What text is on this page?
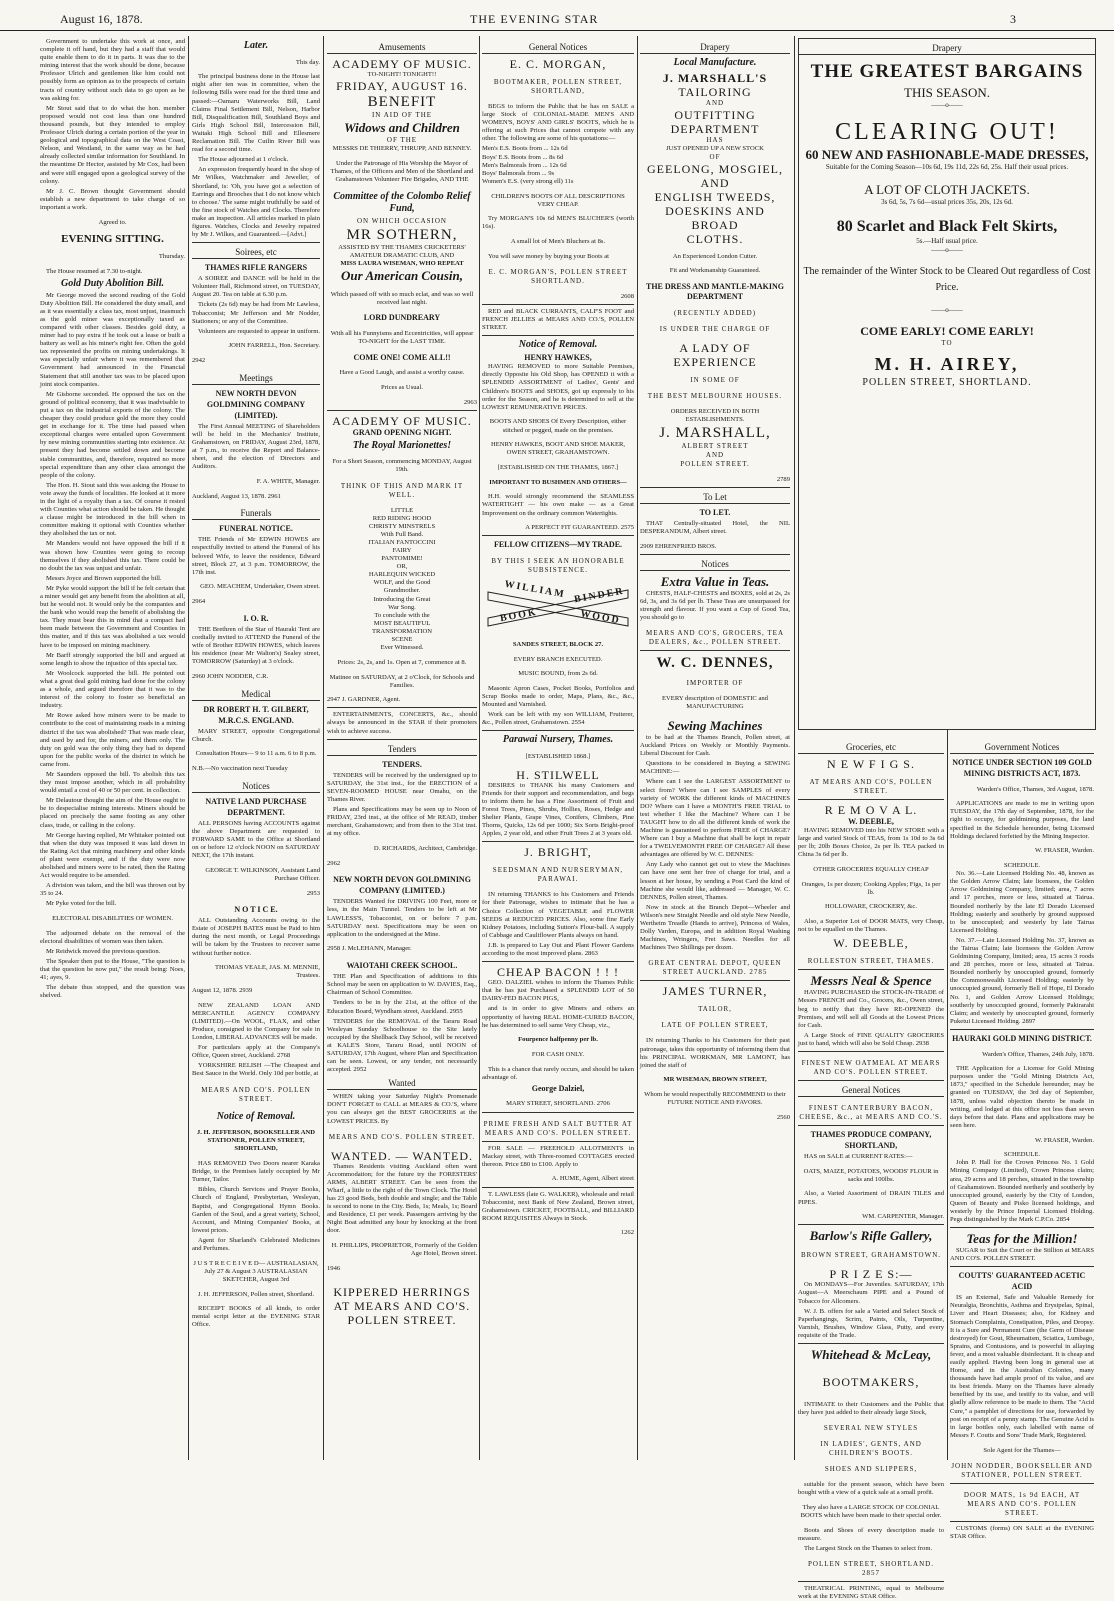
August 16, 1878.	THE EVENING STAR	3

Government to undertake this work at once, and complete it off hand, but they had a staff that would quite enable them to do it in parts. It was due to the mining interest that the work should be done, because Professor Ulrich and gentlemen like him could not possibly form an opinion as to the prospects of certain tracts of country without such data to go upon as he was asking for.

Mr Stout said that to do what the hon. member proposed would not cost less than one hundred thousand pounds, but they intended to employ Professor Ulrich during a certain portion of the year in geological and topographical data on the West Coast, Nelson, and Westland, in the same way as he had already collected similar information for Southland. In the meantime Dr Hector, assisted by Mr Cox, had been and were still engaged upon a geological survey of the colony.

Mr J. C. Brown thought Government should establish a new department to take charge of so important a work.

Agreed to.

EVENING SITTING.

Thursday.

The House resumed at 7.30 to-night.

Gold Duty Abolition Bill.

Mr George moved the second reading of the Gold Duty Abolition Bill. He considered the duty small, and as it was essentially a class tax, most unjust, inasmuch as the gold miner was exceptionally taxed as compared with other classes. Besides gold duty, a miner had to pay extra if he took out a lease or built a battery as well as his miner's right fee. Often the gold tax represented the profits on mining undertakings. It was especially unfair where it was remembered that Government had announced in the Financial Statement that still another tax was to be placed upon joint stock companies.

Mr Gisborne seconded. He opposed the tax on the ground of political economy, that it was inadvisable to put a tax on the industrial exports of the colony. The cheaper they could produce gold the more they could get in exchange for it. The time had passed when exceptional charges were entailed upon Government by new mining communities starting into existence. At present they had become settled down and become stable communities, and, therefore, required no more special expenditure than any other class amongst the people of the colony.

The Hon. H. Stout said this was asking the House to vote away the funds of localities. He looked at it more in the light of a royalty than a tax. Of course it rested with Counties what action should be taken. He thought a clause might be introduced in the bill when in committee making it optional with Counties whether they abolished the tax or not.

Mr Manders would not have opposed the bill if it was shown how Counties were going to recoup themselves if they abolished this tax. There could be no doubt the tax was unjust and unfair.

Messrs Joyce and Brown supported the bill.

Mr Pyke would support the bill if he felt certain that a miner would get any benefit from the abolition at all, but he would not. It would only be the companies and the bank who would reap the benefit of abolishing the tax. They must bear this in mind that a compact had been made between the Government and Counties in this matter, and if this tax was abolished a tax would have to be imposed on mining machinery.

Mr Barff strongly supported the bill and argued at some length to show the injustice of this special tax.

Mr Woolcock supported the bill. He pointed out what a great deal gold mining had done for the colony as a whole, and argued therefore that it was to the interest of the colony to foster so beneficial an industry.

Mr Rowe asked how miners were to be made to contribute to the cost of maintaining roads in a mining district if the tax was abolished? That was made clear, and used by and for, the miners, and them only. The duty on gold was the only thing they had to depend upon for the public works of the district in which he came from.

Mr Saunders opposed the bill. To abolish this tax they must impose another, which in all probability would entail a cost of 40 or 50 per cent. in collection.

Mr Delautour thought the aim of the House ought to be to despecialise mining interests. Miners should be placed on precisely the same footing as any other class, trade, or calling in the colony.

Mr George having replied, Mr Whitaker pointed out that when the duty was imposed it was laid down in the Rating Act that mining machinery and other kinds of plant were exempt, and if the duty were now abolished and miners were to be rated, then the Rating Act would require to be amended.

A division was taken, and the bill was thrown out by 35 to 24.

Mr Pyke voted for the bill.

ELECTORAL DISABILITIES OF WOMEN.

The adjourned debate on the removal of the electoral disabilities of women was then taken.

Mr Reidwick moved the previous question.

The Speaker then put to the House, "The question is that the question be now put," the result being: Noes, 41; ayes, 9.

The debate thus stopped, and the question was shelved.

Later.

This day.

The principal business done in the House last night after ten was in committee, when the following Bills were read for the third time and passed:—Oamaru Waterworks Bill, Land Claims Final Settlement Bill, Nelson, Harbor Bill, Disqualification Bill, Southland Boys and Girls High School Bill, Intercession Bill, Waitaki High School Bill and Ellesmere Reclamation Bill. The Cutlin River Bill was read for a second time.

The House adjourned at 1 o'clock.

An expression frequently heard in the shop of Mr Wilkes, Watchmaker and Jeweller, of Shortland, is: 'Oh, you have got a selection of Earrings and Brooches that I do not know which to choose.' The same might truthfully be said of the fine stock of Watches and Clocks. Therefore make an inspection. All articles marked in plain figures. Watches, Clocks and Jewelry repaired by Mr J. Wilkes, and Guaranteed.—[Advt.]

Soirees, etc
THAMES RIFLE RANGERS

A SOIREE and DANCE will be held in the Volunteer Hall, Richmond street, on TUESDAY, August 20. Tea on table at 6.30 p.m.

Tickets (2s 6d) may be had from Mr Lawless, Tobacconist; Mr Jefferson and Mr Nodder, Stationers; or any of the Committee.

Volunteers are requested to appear in uniform.

JOHN FARRELL, Hon. Secretary.

2942

Meetings
NEW NORTH DEVON GOLDMINING COMPANY (LIMITED).

The First Annual MEETING of Shareholders will be held in the Mechanics' Institute, Grahamstown, on FRIDAY, August 23rd, 1878, at 7 p.m., to receive the Report and Balance-sheet, and the election of Directors and Auditors.

F. A. WHITE, Manager.

Auckland, August 13, 1878. 2961

Funerals
FUNERAL NOTICE.

THE Friends of Mr EDWIN HOWES are respectfully invited to attend the Funeral of his beloved Wife, to leave the residence, Edward street, Block 27, at 3 p.m. TOMORROW, the 17th inst.

GEO. MEACHEM, Undertaker, Owen street.

2964

I. O. R.

THE Brethren of the Star of Hauraki Tent are cordially invited to ATTEND the Funeral of the wife of Brother EDWIN HOWES, which leaves his residence (near Mr Walton's) Sealey street, TOMORROW (Saturday) at 3 o'clock.

2960 JOHN NODDER, C.R.

Medical
DR ROBERT H. T. GILBERT, M.R.C.S. ENGLAND.

MARY STREET, opposite Congregational Church.

Consultation Hours— 9 to 11 a.m. 6 to 8 p.m.

N.B.—No vaccination next Tuesday

Notices
NATIVE LAND PURCHASE DEPARTMENT.

ALL PERSONS having ACCOUNTS against the above Department are requested to FORWARD SAME to the Office at Shortland on or before 12 o'clock NOON on SATURDAY NEXT, the 17th instant.

GEORGE T. WILKINSON, Assistant Land Purchase Officer.

2953

N O T I C E.

ALL Outstanding Accounts owing to the Estate of JOSEPH BATES must be Paid to him during the next month, or Legal Proceedings will be taken by the Trustees to recover same without further notice.

THOMAS VEALE, JAS. M. MENNIE, Trustees.

August 12, 1878. 2939

NEW ZEALAND LOAN AND MERCANTILE AGENCY COMPANY (LIMITED).—On WOOL, FLAX, and other Produce, consigned to the Company for sale in London, LIBERAL ADVANCES will be made.

For particulars apply at the Company's Office, Queen street, Auckland. 2768

YORKSHIRE RELISH —The Cheapest and Best Sauce in the World. Only 10d per bottle, at

MEARS AND CO'S. POLLEN STREET.

Notice of Removal.

J. H. JEFFERSON, BOOKSELLER AND STATIONER, POLLEN STREET, SHORTLAND,

HAS REMOVED Two Doors nearer Karaka Bridge, to the Premises lately occupied by Mr Turner, Tailor.

Bibles, Church Services and Prayer Books, Church of England, Presbyterian, Wesleyan, Baptist, and Congregational Hymn Books. Garden of the Soul, and a great variety, School, Account, and Mining Companies' Books, at lowest prices.

Agent for Sharland's Celebrated Medicines and Perfumes.

J U S T R E C E I V E D— AUSTRALASIAN, July 27 & August 3 AUSTRALASIAN SKETCHER, August 3rd

J. H. JEFFERSON, Pollen street, Shortland.

RECEIPT BOOKS of all kinds, to order mental script letter at the EVENING STAR Office.

Amusements
ACADEMY OF MUSIC.
TO-NIGHT! TONIGHT!!
FRIDAY, AUGUST 16.
BENEFIT
IN AID OF THE
Widows and Children
OF THE
MESSRS DE THIERRY, THRUPP, AND BENNEY.

Under the Patronage of His Worship the Mayor of Thames, of the Officers and Men of the Shortland and Grahamstown Volunteer Fire Brigades, AND THE

Committee of the Colombo Relief Fund,
ON WHICH OCCASION
MR SOTHERN,
ASSISTED BY THE THAMES CRICKETERS' AMATEUR DRAMATIC CLUB, AND
MISS LAURA WISEMAN, WHO REPEAT
Our American Cousin,

Which passed off with so much eclat, and was so well received last night.

LORD DUNDREARY

With all his Funnyisms and Eccentricities, will appear TO-NIGHT for the LAST TIME.

COME ONE! COME ALL!!

Have a Good Laugh, and assist a worthy cause.

Prices as Usual.

2963

ACADEMY OF MUSIC.
GRAND OPENING NIGHT.
The Royal Marionettes!

For a Short Season, commencing MONDAY, August 19th.

THINK OF THIS AND MARK IT WELL.

LITTLE
RED RIDING HOOD
CHRISTY MINSTRELS
With Full Band.
ITALIAN FANTOCCINI
FAIRY
PANTOMIME!
OR,
HARLEQUIN WICKED
WOLF, and the Good
Grandmother.
Introducing the Great
War Song.
To conclude with the
MOST BEAUTIFUL
TRANSFORMATION
SCENE
Ever Witnessed.

Prices: 2s, 2s, and 1s. Open at 7, commence at 8.

Matinee on SATURDAY, at 2 o'Clock, for Schools and Families.

2947 J. GARDNER, Agent.

ENTERTAINMENTS, CONCERTS, &c., should always be announced in the STAR if their promoters wish to achieve success.

Tenders
TENDERS.

TENDERS will be received by the undersigned up to SATURDAY, the 31st inst., for the ERECTION of a SEVEN-ROOMED HOUSE near Omahu, on the Thames River.

Plans and Specifications may be seen up to Noon of FRIDAY, 23rd inst., at the office of Mr READ, timber merchant, Grahamstown; and from then to the 31st inst. at my office.

D. RICHARDS, Architect, Cambridge.

2962

NEW NORTH DEVON GOLDMINING COMPANY (LIMITED.)

TENDERS Wanted for DRIVING 100 Feet, more or less, in the Main Tunnel. Tenders to be left at Mr LAWLESS'S, Tobacconist, on or before 7 p.m. SATURDAY next. Specifications may be seen on application to the undersigned at the Mine.

2958 J. McLEHANN, Manager.

WAIOTAHI CREEK SCHOOL.

THE Plan and Specification of additions to this School may be seen on application to W. DAVIES, Esq., Chairman of School Committee.

Tenders to be in by the 21st, at the office of the Education Board, Wyndham street, Auckland. 2955

TENDERS for the REMOVAL of the Tararu Road Wesleyan Sunday Schoolhouse to the Site lately occupied by the Shellback Day School, will be received at KALE'S Store, Tararu Road, until NOON of SATURDAY, 17th August, where Plan and Specification can be seen. Lowest, or any tender, not necessarily accepted. 2952

Wanted

WHEN taking your Saturday Night's Promenade DON'T FORGET to CALL at MEARS & CO.'S, where you can always get the BEST GROCERIES at the LOWEST PRICES. By

MEARS AND CO'S. POLLEN STREET.

WANTED. — WANTED.

Thames Residents visiting Auckland often want Accommodation; for the future try the FORESTERS' ARMS, ALBERT STREET. Can be seen from the Wharf, a little to the right of the Town Clock. The Hotel has 23 good Beds, both double and single; and the Table is second to none in the City. Beds, 1s; Meals, 1s; Board and Residence, £1 per week. Passengers arriving by the Night Boat admitted any hour by knocking at the front door.

H. PHILLIPS, PROPRIETOR, Formerly of the Golden Age Hotel, Brown street.

1946

KIPPERED HERRINGS AT MEARS AND CO'S. POLLEN STREET.

General Notices
E. C. MORGAN,

BOOTMAKER, POLLEN STREET, SHORTLAND,

BEGS to inform the Public that he has on SALE a large Stock of COLONIAL-MADE MEN'S AND WOMEN'S, BOYS' AND GIRLS' BOOTS, which he is offering at such Prices that cannot compete with any other. The following are some of his quotations:—

Men's E.S. Boots from ... 12s 6d
Boys' E.S. Boots from ... 8s 6d
Men's Balmorals from ... 12s 6d
Boys' Balmorals from ... 9s
Women's E.S. (very strong ell) 11s

CHILDREN'S BOOTS OF ALL DESCRIPTIONS VERY CHEAP.

Try MORGAN'S 10s 6d MEN'S BLUCHER'S (worth 16s).

A small lot of Men's Bluchers at 8s.

You will save money by buying your Boots at

E. C. MORGAN'S, POLLEN STREET SHORTLAND.

2608

RED and BLACK CURRANTS, CALF'S FOOT and FRENCH JELLIES at MEARS AND CO.'S, POLLEN STREET.

Notice of Removal.
HENRY HAWKES,

HAVING REMOVED to more Suitable Premises, directly Opposite his Old Shop, has OPENED it with a SPLENDID ASSORTMENT of Ladies', Gents' and Children's BOOTS and SHOES, got up expressly to his order for the Season, and he is determined to sell at the LOWEST REMUNERATIVE PRICES.

BOOTS AND SHOES Of Every Description, either stitched or pegged, made on the premises.

HENRY HAWKES, BOOT AND SHOE MAKER, OWEN STREET, GRAHAMSTOWN.

[ESTABLISHED ON THE THAMES, 1867.]

IMPORTANT TO BUSHMEN AND OTHERS—

H.H. would strongly recommend the SEAMLESS WATERTIGHT — his own make — as a Great Improvement on the ordinary common Watertights.

A PERFECT FIT GUARANTEED. 2575

FELLOW CITIZENS—MY TRADE.

BY THIS I SEEK AN HONORABLE SUBSISTENCE.

WILLIAM BINDER
BOOK	WOOD

SANDES STREET, BLOCK 27.

EVERY BRANCH EXECUTED.

MUSIC BOUND, from 2s 6d.

Masonic Apron Cases, Pocket Books, Portfolios and Scrap Books made to order, Maps, Plans, &c., &c., Mounted and Varnished.

Work can be left with my son WILLIAM, Fruiterer, &c., Pollen street, Grahamstown. 2554

Parawai Nursery, Thames.

[ESTABLISHED 1868.]

H. STILWELL

DESIRES to THANK his many Customers and Friends for their support and recommendation, and begs to inform them he has a Fine Assortment of Fruit and Forest Trees, Pines, Shrubs, Hollies, Roses, Hedge and Shelter Plants, Grape Vines, Conifers, Climbers, Pine Thorns, Quicks, 12s 6d per 1000; Six Sorts Bright-proof Apples, 2 year old, and other Fruit Trees 2 at 3 years old.

J. BRIGHT,

SEEDSMAN AND NURSERYMAN, PARAWAI.

IN returning THANKS to his Customers and Friends for their Patronage, wishes to intimate that he has a Choice Collection of VEGETABLE and FLOWER SEEDS at REDUCED PRICES. Also, some fine Early Kidney Potatoes, including Sutton's Flour-ball. A supply of Cabbage and Cauliflower Plants always on hand.

J.B. is prepared to Lay Out and Plant Flower Gardens according to the most improved plans. 2863

CHEAP BACON ! ! !

GEO. DALZIEL wishes to inform the Thames Public that he has just Purchased a SPLENDID LOT of 50 DAIRY-FED BACON PIGS,

and is in order to give Miners and others an opportunity of having REAL HOME-CURED BACON, he has determined to sell same Very Cheap, viz.,

Fourpence halfpenny per lb.

FOR CASH ONLY.

This is a chance that rarely occurs, and should be taken advantage of.

George Dalziel,

MARY STREET, SHORTLAND. 2706

PRIME FRESH AND SALT BUTTER AT MEARS AND CO'S. POLLEN STREET.

FOR SALE — FREEHOLD ALLOTMENTS in Mackay street, with Three-roomed COTTAGES erected thereon. Price £80 to £100. Apply to

A. HUME, Agent, Albert street

T. LAWLESS (late G. WALKER), wholesale and retail Tobacconist, next Bank of New Zealand, Brown street, Grahamstown. CRICKET, FOOTBALL, and BILLIARD ROOM REQUISITES Always in Stock.

1262

Drapery
Local Manufacture.
J. MARSHALL'S
TAILORING
AND
OUTFITTING
DEPARTMENT
HAS
JUST OPENED UP A NEW STOCK
OF
GEELONG, MOSGIEL, AND
ENGLISH TWEEDS,
DOESKINS AND BROAD
CLOTHS.

An Experienced London Cutter.

Fit and Workmanship Guaranteed.

THE DRESS AND MANTLE-MAKING DEPARTMENT

(RECENTLY ADDED)

IS UNDER THE CHARGE OF

A LADY OF EXPERIENCE

IN SOME OF

THE BEST MELBOURNE HOUSES.

ORDERS RECEIVED IN BOTH
ESTABLISHMENTS.
J. MARSHALL,
ALBERT STREET
AND
POLLEN STREET.

2789

To Let
TO LET.

THAT Centrally-situated Hotel, the NIL DESPERANDUM, Albert street.

2909 EHRENFRIED BROS.

Notices
Extra Value in Teas.

CHESTS, HALF-CHESTS and BOXES, sold at 2s, 2s 6d, 3s, and 3s 6d per lb. These Teas are unsurpassed for strength and flavour. If you want a Cup of Good Tea, you should go to

MEARS AND CO'S, GROCERS, TEA DEALERS, &c., POLLEN STREET.

W. C. DENNES,

IMPORTER OF

EVERY description of DOMESTIC and MANUFACTURING

Sewing Machines

to be had at the Thames Branch, Pollen street, at Auckland Prices on Weekly or Monthly Payments. Liberal Discount for Cash.

Questions to be considered in Buying a SEWING MACHINE:—

Where can I see the LARGEST ASSORTMENT to select from? Where can I see SAMPLES of every variety of WORK the different kinds of MACHINES DO? Where can I have a MONTH'S FREE TRIAL to test whether I like the Machine? Where can I be TAUGHT how to do all the different kinds of work the Machine is guaranteed to perform FREE of CHARGE? Where can I buy a Machine that shall be kept in repair for a TWELVEMONTH FREE OF CHARGE? All these advantages are offered by W. C. DENNES:

Any Lady who cannot get out to view the Machines can have one sent her free of charge for trial, and a lesson at her house, by sending a Post Card the kind of Machine she would like, addressed — Manager, W. C. DENNES, Pollen street, Thames.

Now in stock at the Branch Depot—Wheeler and Wilson's new Straight Needle and old style New Needle, Wertheim Treadle (Hands to arrive), Princess of Wales, Dolly Varden, Europa, and in addition Royal Washing Machines, Wringers, Fret Saws. Needles for all Machines Two Shillings per dozen.

GREAT CENTRAL DEPOT, QUEEN STREET AUCKLAND. 2785

JAMES TURNER,

TAILOR,

LATE OF POLLEN STREET,

IN returning Thanks to his Customers for their past patronage, takes this opportunity of informing them that his PRINCIPAL WORKMAN, MR LAMONT, has joined the staff of

MR WISEMAN, BROWN STREET,

Whom he would respectfully RECOMMEND to their FUTURE NOTICE AND FAVORS.

2560

Drapery
THE GREATEST BARGAINS
THIS SEASON.
——o——
CLEARING OUT!
60 NEW AND FASHIONABLE-MADE DRESSES,
Suitable for the Coming Season—10s 6d, 19s 11d, 22s 6d, 25s. Half their usual prices.
A LOT OF CLOTH JACKETS.
3s 6d, 5s, 7s 6d—usual prices 35s, 20s, 12s 6d.
80 Scarlet and Black Felt Skirts,
5s.—Half usual price.
——o——
The remainder of the Winter Stock to be Cleared Out regardless of Cost Price.
——o——
COME EARLY! COME EARLY!
TO
M. H. AIREY,
POLLEN STREET, SHORTLAND.
Groceries, etc
N E W F I G S.

AT MEARS AND CO'S, POLLEN STREET.

R E M O V A L.
W. DEEBLE,

HAVING REMOVED into his NEW STORE with a large and varied Stock of TEAS, from 1s 10d to 3s 6d per lb; 20lb Boxes Choice, 2s per lb. TEA packed in China 3s 6d per lb.

OTHER GROCERIES EQUALLY CHEAP

Oranges, 1s per dozen; Cooking Apples; Figs, 1s per lb.

HOLLOWARE, CROCKERY, &c.

Also, a Superior Lot of DOOR MATS, very Cheap, not to be equalled on the Thames.

W. DEEBLE,

ROLLESTON STREET, THAMES.

Messrs Neal & Spence

HAVING PURCHASED the STOCK-IN-TRADE of Messrs FRENCH and Co., Grocers, &c., Owen street, beg to notify that they have RE-OPENED the Premises, and will sell all Goods at the Lowest Prices for Cash.

A Large Stock of FINE QUALITY GROCERIES just to hand, which will also be Sold Cheap. 2938

FINEST NEW OATMEAL AT MEARS AND CO'S. POLLEN STREET.

General Notices

FINEST CANTERBURY BACON, CHEESE, &c., at MEARS AND CO.'S.

THAMES PRODUCE COMPANY, SHORTLAND,

HAS on SALE at CURRENT RATES:—

OATS, MAIZE, POTATOES, WOODS' FLOUR in sacks and 100lbs.

Also, a Varied Assortment of DRAIN TILES and PIPES.

WM. CARPENTER, Manager.

Barlow's Rifle Gallery,

BROWN STREET, GRAHAMSTOWN.

P R I Z E S:—

On MONDAYS—For Juveniles. SATURDAY, 17th August—A Meerschaum PIPE and a Pound of Tobacco for Allcomers.

W. J. B. offers for sale a Varied and Select Stock of Paperhangings, Scrim, Paints, Oils, Turpentine, Varnish, Brushes, Window Glass, Putty, and every requisite of the Trade.

Whitehead & McLeay,

BOOTMAKERS,

INTIMATE to their Customers and the Public that they have just added to their already large Stock,

SEVERAL NEW STYLES

IN LADIES', GENTS, AND CHILDREN'S BOOTS.

SHOES AND SLIPPERS,

suitable for the present season, which have been bought with a view of a quick sale at a small profit.

They also have a LARGE STOCK OF COLONIAL BOOTS which have been made to their special order.

Boots and Shoes of every description made to measure.

The Largest Stock on the Thames to select from.

POLLEN STREET, SHORTLAND. 2857

THEATRICAL PRINTING, equal to Melbourne work at the EVENING STAR Office.

Government Notices
NOTICE UNDER SECTION 109 GOLD MINING DISTRICTS ACT, 1873.

Warden's Office, Thames, 3rd August, 1878.

APPLICATIONS are made to me in writing upon TUESDAY, the 17th day of September, 1878, for the right to occupy, for goldmining purposes, the land specified in the Schedule hereunder, being Licensed Holdings declared forfeited by the Mining Inspector.

W. FRASER, Warden.

SCHEDULE.

No. 36.—Late Licensed Holding No. 48, known as the Golden Arrow Claim; late licensees, the Golden Arrow Goldmining Company, limited; area, 7 acres and 17 perches, more or less, situated at Tairua. Bounded northerly by the late El Dorado Licensed Holding; easterly and southerly by ground supposed to be unoccupied; and westerly by late Tairua Licensed Holding.

No. 37.—Late Licensed Holding No. 37, known as the Tairua Claim; late licensees the Golden Arrow Goldmining Company, limited; area, 15 acres 3 roods and 28 perches, more or less, situated at Tairua. Bounded northerly by unoccupied ground, formerly the Commonwealth Licensed Holding; easterly by unoccupied ground, formerly Bell of Hope, El Dorado No. 1, and Golden Arrow Licensed Holdings; southerly by unoccupied ground, formerly Pakirarahi Claim; and westerly by unoccupied ground, formerly Puketui Licensed Holding. 2897

HAURAKI GOLD MINING DISTRICT.

Warden's Office, Thames, 24th July, 1878.

THE Application for a License for Gold Mining purposes under the "Gold Mining Districts Act, 1873," specified in the Schedule hereunder, may be granted on TUESDAY, the 3rd day of September, 1878, unless valid objection thereto be made in writing, and lodged at this office not less than seven days before that date. Plans and applications may be seen here.

W. FRASER, Warden.

SCHEDULE.

John P. Hall for the Crown Princess No. 1 Gold Mining Company (Limited), Crown Princess claim; area, 29 acres and 18 perches, situated in the township of Grahamstown. Bounded northerly and southerly by unoccupied ground, easterly by the City of London, Queen of Beauty and Pisko licensed holdings, and westerly by the Prince Imperial Licensed Holding. Pegs distinguished by the Mark C.P.Co. 2854

Teas for the Million!

SUGAR to Suit the Court or the Stillion at MEARS AND CO'S. POLLEN STREET.

COUTTS' GUARANTEED ACETIC ACID

IS an External, Safe and Valuable Remedy for Neuralgia, Bronchitis, Asthma and Erysipelas, Spinal, Liver and Heart Diseases; also, for Kidney and Stomach Complaints, Constipation, Piles, and Dropsy. It is a Sure and Permanent Cure (the Germ of Disease destroyed) for Gout, Rheumatism, Sciatica, Lumbago, Sprains, and Contusions, and is powerful in allaying fever, and a most valuable disinfectant. It is cheap and easily applied. Having been long in general use at Home, and in the Australian Colonies, many thousands have had ample proof of its value, and are its best friends. Many on the Thames have already benefited by its use, and testify to its value, and will gladly allow reference to be made to them. The "Acid Cure," a pamphlet of directions for use, forwarded by post on receipt of a penny stamp. The Genuine Acid is in large bottles only, each labelled with name of Messrs F. Coutts and Sons' Trade Mark, Registered.

Sole Agent for the Thames—

JOHN NODDER, BOOKSELLER AND STATIONER, POLLEN STREET.

DOOR MATS, 1s 9d EACH, AT MEARS AND CO'S. POLLEN STREET.

CUSTOMS (forms) ON SALE at the EVENING STAR Office.
